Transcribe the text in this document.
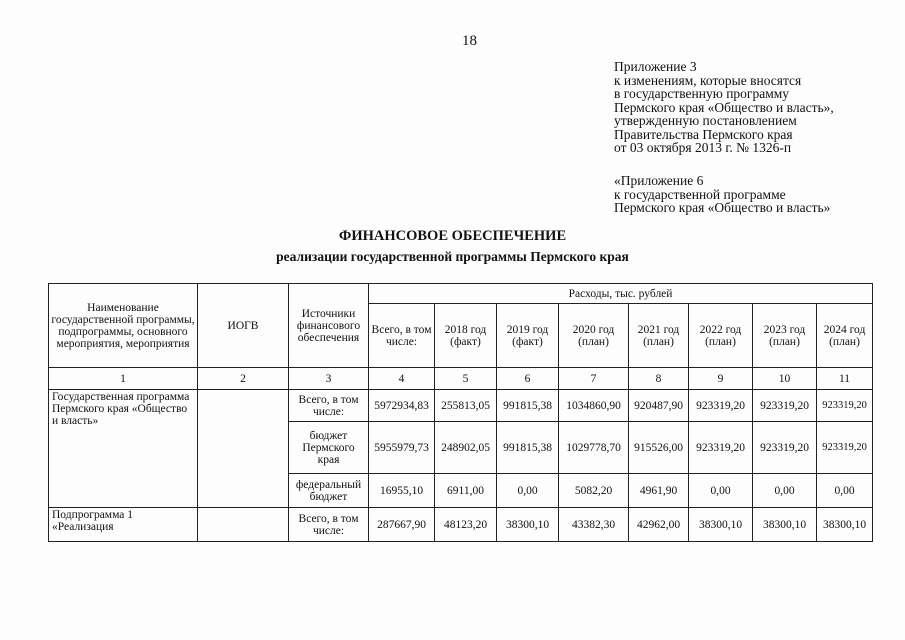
18
Приложение 3
к изменениям, которые вносятся
в государственную программу
Пермского края «Общество и власть»,
утвержденную постановлением
Правительства Пермского края
от 03 октября 2013 г. № 1326-п
«Приложение 6
к государственной программе
Пермского края «Общество и власть»
ФИНАНСОВОЕ ОБЕСПЕЧЕНИЕ
реализации государственной программы Пермского края
Наименование государственной программы, подпрограммы, основного мероприятия, мероприятия	ИОГВ	Источники финансового обеспечения	Расходы, тыс. рублей							
			Всего, в том числе:	2018 год (факт)	2019 год (факт)	2020 год (план)	2021 год (план)	2022 год (план)	2023 год (план)	2024 год (план)
1	2	3	4	5	6	7	8	9	10	11
Государственная программа Пермского края «Общество и власть»		Всего, в том числе:	5972934,83	255813,05	991815,38	1034860,90	920487,90	923319,20	923319,20	923319,20
		бюджет Пермского края	5955979,73	248902,05	991815,38	1029778,70	915526,00	923319,20	923319,20	923319,20
		федеральный бюджет	16955,10	6911,00	0,00	5082,20	4961,90	0,00	0,00	0,00
Подпрограмма 1 «Реализация		Всего, в том числе:	287667,90	48123,20	38300,10	43382,30	42962,00	38300,10	38300,10	38300,10
